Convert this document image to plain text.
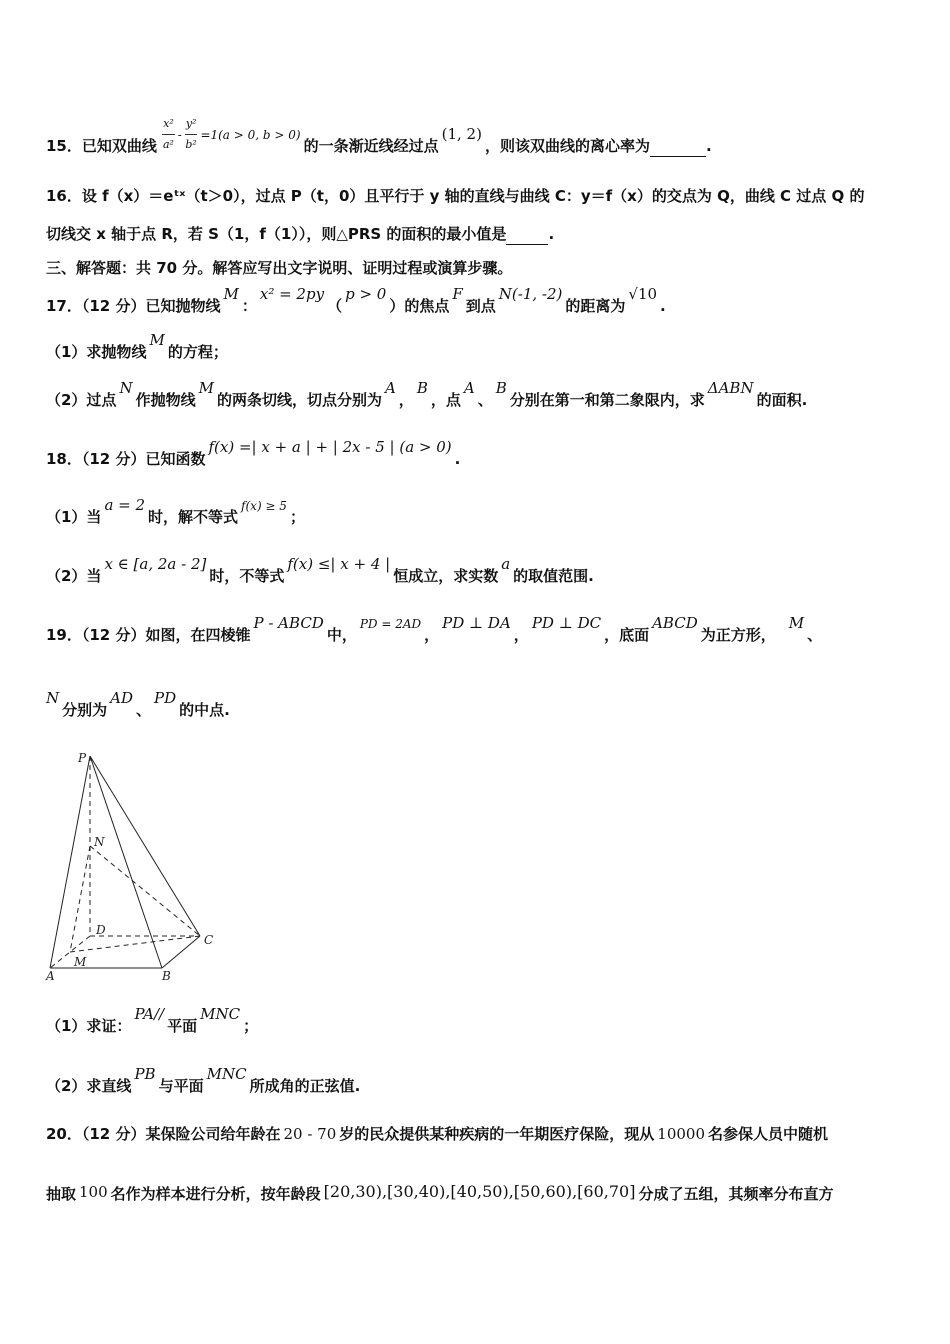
15．已知双曲线 $\frac{\text{x²}}{\text{a²}} ^- \frac{\text{y²}}{\text{b²}} ^{=1(a > 0, b > 0)}$的一条渐近线经过点(1, 2)，则该双曲线的离心率为	.
16．设 f（x）＝eᵗˣ（t＞0），过点 P（t，0）且平行于 y 轴的直线与曲线 C：y＝f（x）的交点为 Q，曲线 C 过点 Q 的
切线交 x 轴于点 R，若 S（1，f（1）），则△PRS 的面积的最小值是	.
三、解答题：共 70 分。解答应写出文字说明、证明过程或演算步骤。
17．（12 分）已知抛物线M：x² = 2py（p > 0）的焦点F到点N(-1, -2)的距离为√10.
（1）求抛物线M的方程；
（2）过点N作抛物线M的两条切线，切点分别为A，B，点A、B分别在第一和第二象限内，求ΔABN的面积.
18．（12 分）已知函数f(x) =| x + a | + | 2x - 5 | (a > 0).
（1）当a = 2时，解不等式$^{f(x) \ge 5}$；
（2）当x ∈ [a, 2a - 2]时，不等式f(x) ≤| x + 4 |恒成立，求实数a的取值范围.
19．（12 分）如图，在四棱锥P - ABCD中，$^{PD = 2AD}$，PD ⊥ DA，PD ⊥ DC，底面ABCD为正方形，M、
N分别为AD、PD的中点.
P
N
D
C
A
M
B
（1）求证：PA//平面MNC；
（2）求直线PB与平面MNC所成角的正弦值.
20．（12 分）某保险公司给年龄在 20 - 70 岁的民众提供某种疾病的一年期医疗保险，现从 10000 名参保人员中随机
抽取 100 名作为样本进行分析，按年龄段 [20,30),[30,40),[40,50),[50,60),[60,70] 分成了五组，其频率分布直方
